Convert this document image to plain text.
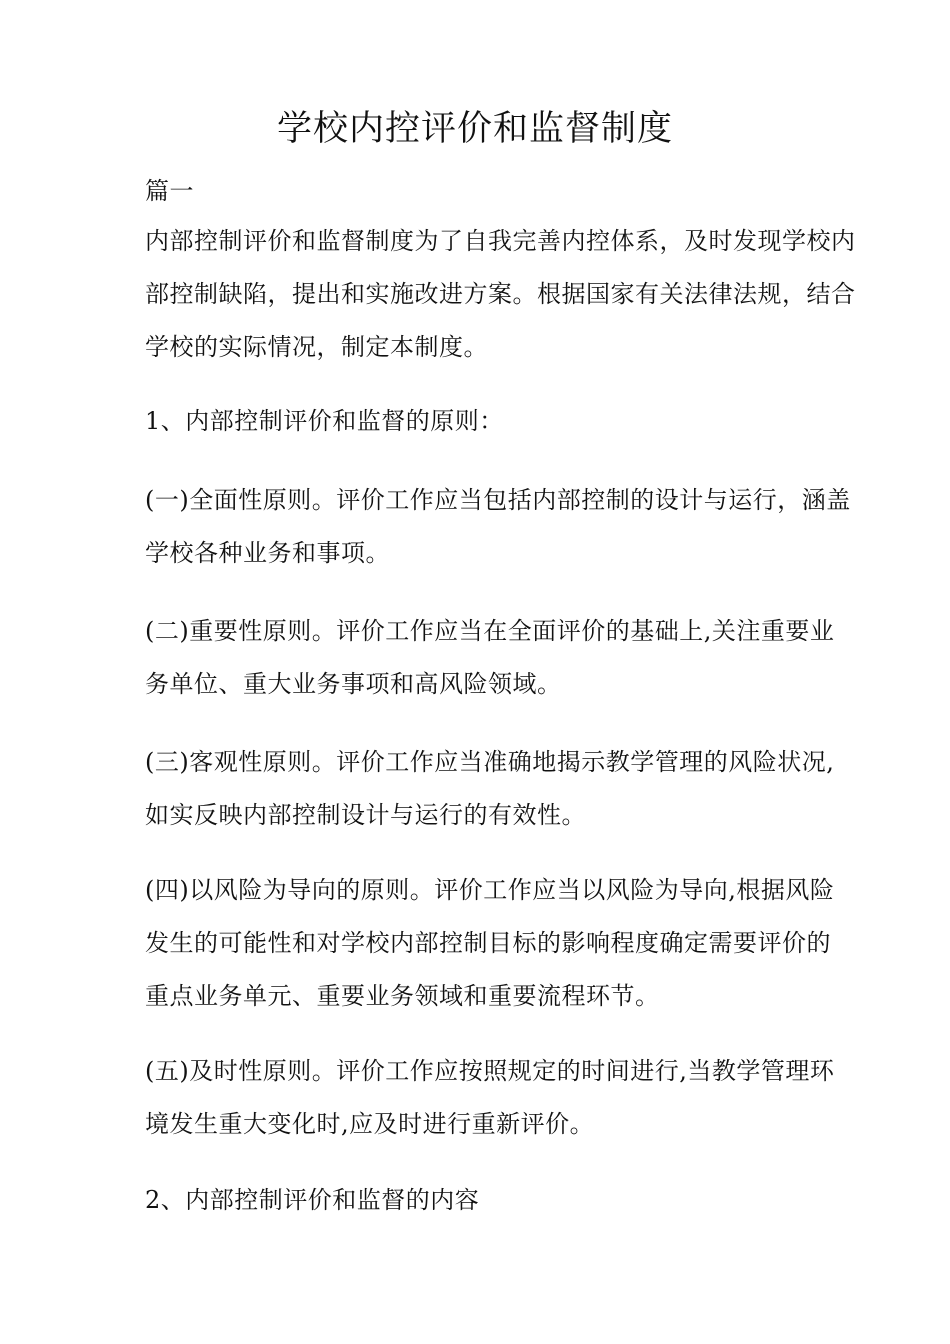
学校内控评价和监督制度

篇一

内部控制评价和监督制度为了自我完善内控体系，及时发现学校内
部控制缺陷，提出和实施改进方案。根据国家有关法律法规，结合
学校的实际情况，制定本制度。

1、内部控制评价和监督的原则：

(一)全面性原则。评价工作应当包括内部控制的设计与运行，涵盖
学校各种业务和事项。

(二)重要性原则。评价工作应当在全面评价的基础上,关注重要业
务单位、重大业务事项和高风险领域。

(三)客观性原则。评价工作应当准确地揭示教学管理的风险状况,
如实反映内部控制设计与运行的有效性。

(四)以风险为导向的原则。评价工作应当以风险为导向,根据风险
发生的可能性和对学校内部控制目标的影响程度确定需要评价的
重点业务单元、重要业务领域和重要流程环节。

(五)及时性原则。评价工作应按照规定的时间进行,当教学管理环
境发生重大变化时,应及时进行重新评价。

2、内部控制评价和监督的内容
